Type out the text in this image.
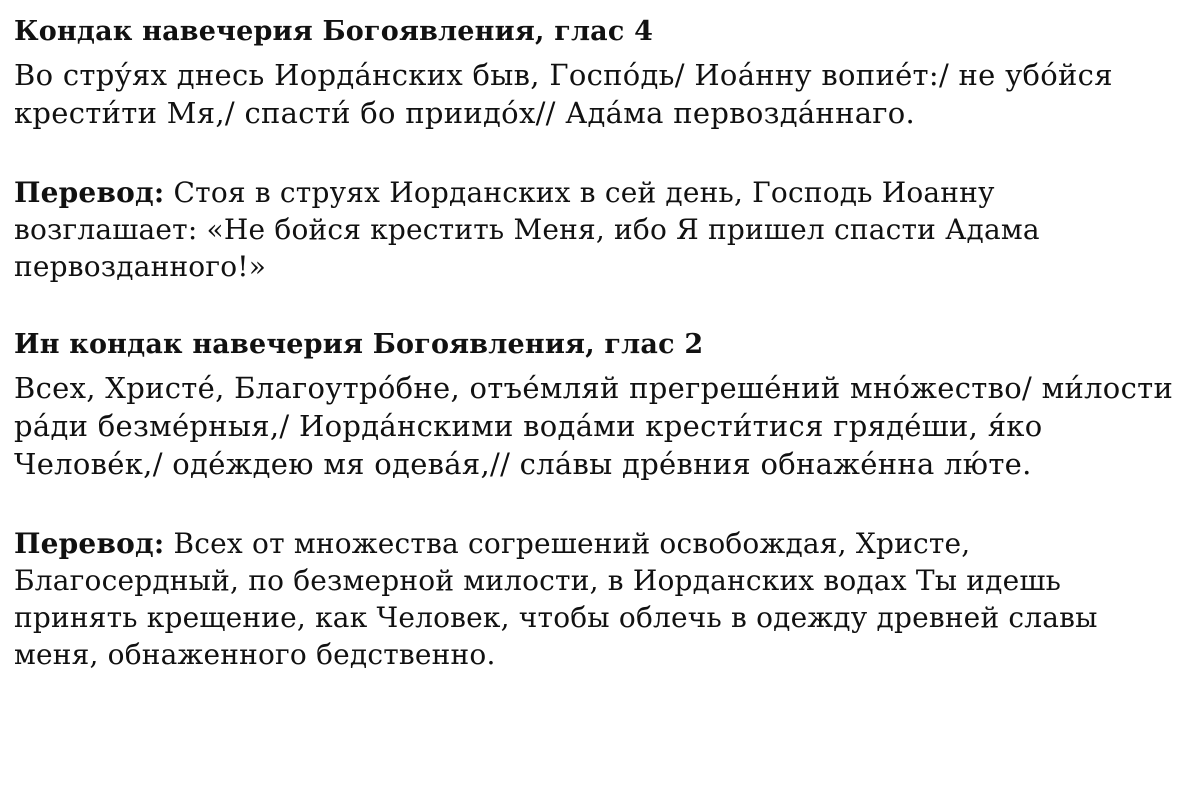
Кондак навечерия Богоявления, глас 4

Во стру́ях днесь Иорда́нских быв, Госпо́дь/ Иоа́нну вопие́т:/ не убо́йся крести́ти Мя,/ спасти́ бо приидо́х// Ада́ма первозда́ннаго.

Перевод: Стоя в струях Иорданских в сей день, Господь Иоанну возглашает: «Не бойся крестить Меня, ибо Я пришел спасти Адама первозданного!»

Ин кондак навечерия Богоявления, глас 2

Всех, Христе́, Благоутро́бне, отъе́мляй прегреше́ний мно́жество/ ми́лости ра́ди безме́рныя,/ Иорда́нскими вода́ми крести́тися гряде́ши, я́ко Челове́к,/ оде́ждею мя одева́я,// сла́вы дре́вния обнаже́нна лю́те.

Перевод: Всех от множества согрешений освобождая, Христе, Благосердный, по безмерной милости, в Иорданских водах Ты идешь принять крещение, как Человек, чтобы облечь в одежду древней славы меня, обнаженного бедственно.
